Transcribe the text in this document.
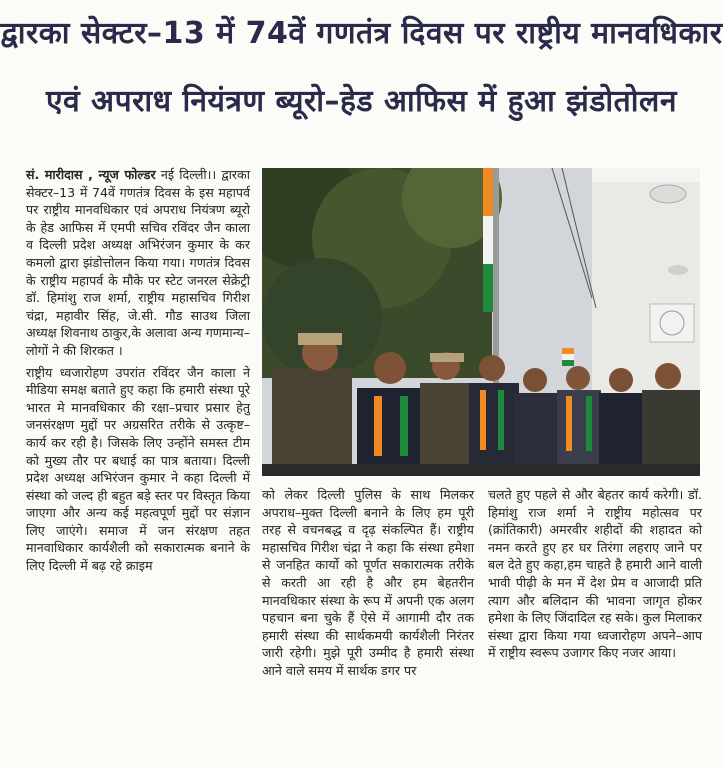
द्वारका सेक्टर–13 में 74वें गणतंत्र दिवस पर राष्ट्रीय मानवधिकार
एवं अपराध नियंत्रण ब्यूरो–हेड आफिस में हुआ झंडोतोलन

सं. मारीदास , न्यूज फोल्डर नई दिल्ली।। द्वारका सेक्टर–13 में 74वें गणतंत्र दिवस के इस महापर्व पर राष्ट्रीय मानवधिकार एवं अपराध नियंत्रण ब्यूरो के हेड आफिस में एमपी सचिव रविंदर जैन काला व दिल्ली प्रदेश अध्यक्ष अभिरंजन कुमार के कर कमलो द्वारा झंडोत्तोलन किया गया। गणतंत्र दिवस के राष्ट्रीय महापर्व के मौके पर स्टेट जनरल सेक्रेट्री डॉ. हिमांशु राज शर्मा, राष्ट्रीय महासचिव गिरीश चंद्रा, महावीर सिंह, जे.सी. गौड साउथ जिला अध्यक्ष शिवनाथ ठाकुर,के अलावा अन्य गणमान्य–लोगों ने की शिरकत ।

राष्ट्रीय ध्वजारोहण उपरांत रविंदर जैन काला ने मीडिया समक्ष बताते हुए कहा कि हमारी संस्था पूरे भारत मे मानवधिकार की रक्षा–प्रचार प्रसार हेतु जनसंरक्षण मुद्दों पर अग्रसरित तरीके से उत्कृष्ट–कार्य कर रही है। जिसके लिए उन्होंने समस्त टीम को मुख्य तौर पर बधाई का पात्र बताया। दिल्ली प्रदेश अध्यक्ष अभिरंजन कुमार ने कहा दिल्ली में संस्था को जल्द ही बहुत बड़े स्तर पर विस्तृत किया जाएगा और अन्य कई महत्वपूर्ण मुद्दों पर संज्ञान लिए जाएंगे। समाज में जन संरक्षण तहत मानवाधिकार कार्यशैली को सकारात्मक बनाने के लिए दिल्ली में बढ़ रहे क्राइम

को लेकर दिल्ली पुलिस के साथ मिलकर अपराध–मुक्त दिल्ली बनाने के लिए हम पूरी तरह से वचनबद्ध व दृढ़ संकल्पित हैं। राष्ट्रीय महासचिव गिरीश चंद्रा ने कहा कि संस्था हमेशा से जनहित कार्यो को पूर्णत सकारात्मक तरीके से करती आ रही है और हम बेहतरीन मानवधिकार संस्था के रूप में अपनी एक अलग पहचान बना चुके हैं ऐसे में आगामी दौर तक हमारी संस्था की सार्थकमयी कार्यशैली निरंतर जारी रहेगी। मुझे पूरी उम्मीद है हमारी संस्था आने वाले समय में सार्थक डगर पर

चलते हुए पहले से और बेहतर कार्य करेगी। डॉ. हिमांशु राज शर्मा ने राष्ट्रीय महोत्सव पर (क्रांतिकारी) अमरवीर शहीदों की शहादत को नमन करते हुए हर घर तिरंगा लहराए जाने पर बल देते हुए कहा,हम चाहते है हमारी आने वाली भावी पीढ़ी के मन में देश प्रेम व आजादी प्रति त्याग और बलिदान की भावना जागृत होकर हमेशा के लिए जिंदादिल रह सके। कुल मिलाकर संस्था द्वारा किया गया ध्वजारोहण अपने–आप में राष्ट्रीय स्वरूप उजागर किए नजर आया।
